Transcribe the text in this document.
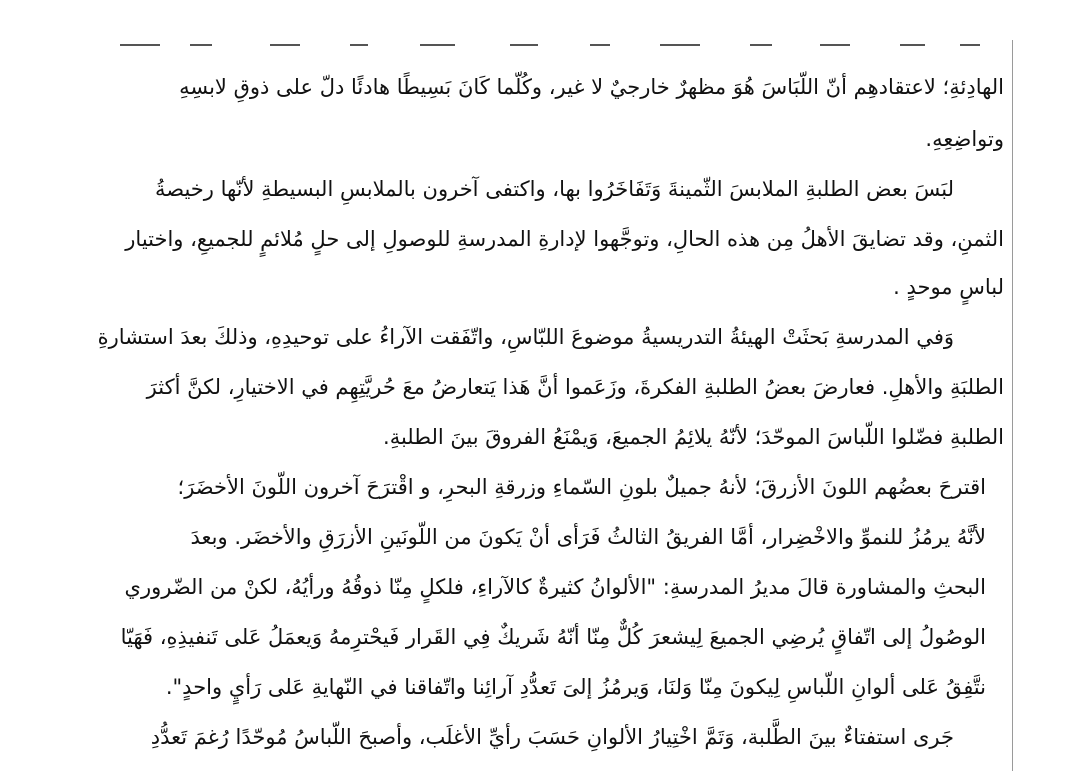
الهادِئةِ؛ لاعتقادهِم أنّ اللّبَاسَ هُوَ مظهرٌ خارجيٌ لا غير، وكُلّما كَانَ بَسِيطًا هادئًا دلّ على ذوقِ لابسِهِ
وتواضِعِهِ.
لبَسَ بعض الطلبةِ الملابسَ الثّمينةَ وَتَفَاخَرُوا بها، واكتفى آخرون بالملابسِ البسيطةِ لأنّها رخيصةُ
الثمنِ، وقد تضايقَ الأهلُ مِن هذه الحالِ، وتوجَّهوا لإدارةِ المدرسةِ للوصولِ إلى حلٍ مُلائمٍ للجميعِ، واختيار
لباسٍ موحدٍ .
وَفي المدرسةِ بَحثَتْ الهيئةُ التدريسيةُ موضوعَ اللبّاسِ، واتّفَقت الآراءُ على توحيدِهِ، وذلكَ بعدَ استشارةِ
الطلبَةِ والأهلِ. فعارضَ بعضُ الطلبةِ الفكرةَ، وزَعَموا أنَّ هَذا يَتعارضُ معَ حُريَّتِهِم في الاختيارِ، لكنَّ أكثرَ
الطلبةِ فضّلوا اللّباسَ الموحّدَ؛ لأنّهُ يلائِمُ الجميعَ، وَيمْنَعُ الفروقَ بينَ الطلبةِ.
اقترحَ بعضُهم اللونَ الأزرقَ؛ لأنهُ جميلٌ بلونِ السّماءِ وزرقةِ البحرِ، و اقْترَحَ آخرون اللّونَ الأخضَرَ؛
لأنَّهُ يرمُزُ للنموِّ والاخْضِرار، أمَّا الفريقُ الثالثُ فَرَأى أنْ يَكونَ من اللّونَينِ الأزرَقِ والأخضَر. وبعدَ
البحثِ والمشاورة قالَ مديرُ المدرسةِ: "الألوانُ كثيرةٌ كالآراءِ، فلكلٍ مِنّا ذوقُهُ ورأيُهُ، لكنْ من الضّروري
الوصُولُ إلى اتّفاقٍ يُرضِي الجميعَ لِيشعرَ كُلٌّ مِنّا أنّهُ شَريكٌ فِي القَرار فَيحْترِمهُ وَيعمَلُ عَلى تَنفيذِهِ، فَهَيّا
نتَّفِقُ عَلى ألوانِ اللّباسِ لِيكونَ مِنّا وَلنَا، وَيرمُزُ إلىَ تَعدُّدِ آرائِنا واتّفاقنا في النّهايةِ عَلى رَأيٍ واحدٍ".
جَرى استفتاءٌ بينَ الطَّلبة، وَتَمَّ اخْتِيارُ الألوانِ حَسَبَ رأيِّ الأغلَب، وأصبحَ اللّباسُ مُوحّدًا رُغمَ تَعدُّدِ
